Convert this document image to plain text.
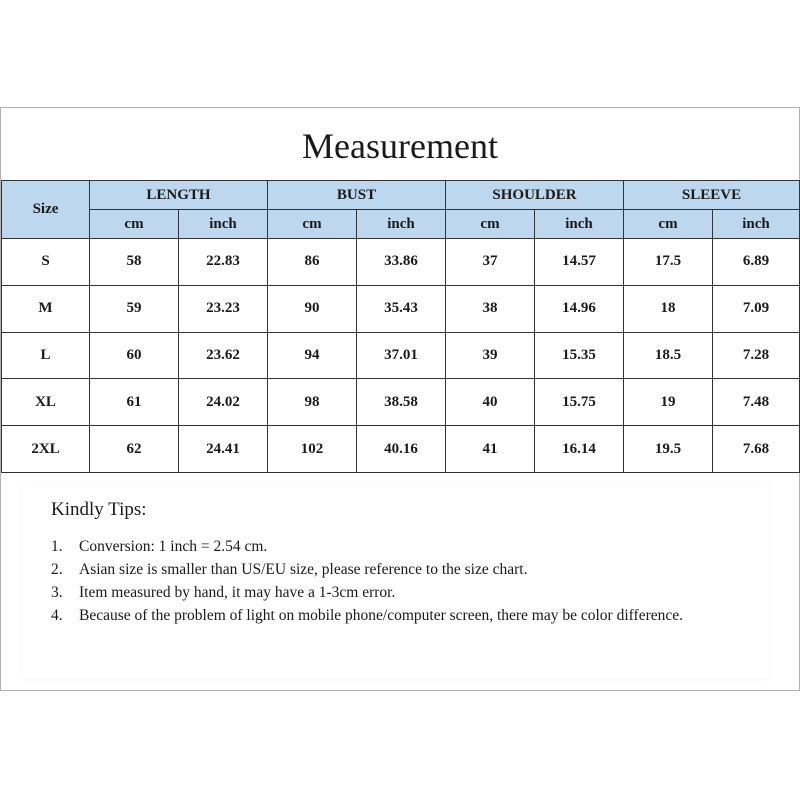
Measurement
Size	LENGTH		BUST		SHOULDER		SLEEVE	
	cm	inch	cm	inch	cm	inch	cm	inch
S	58	22.83	86	33.86	37	14.57	17.5	6.89
M	59	23.23	90	35.43	38	14.96	18	7.09
L	60	23.62	94	37.01	39	15.35	18.5	7.28
XL	61	24.02	98	38.58	40	15.75	19	7.48
2XL	62	24.41	102	40.16	41	16.14	19.5	7.68
Kindly Tips:
1. Conversion: 1 inch = 2.54 cm.
2. Asian size is smaller than US/EU size, please reference to the size chart.
3. Item measured by hand, it may have a 1-3cm error.
4. Because of the problem of light on mobile phone/computer screen, there may be color difference.
